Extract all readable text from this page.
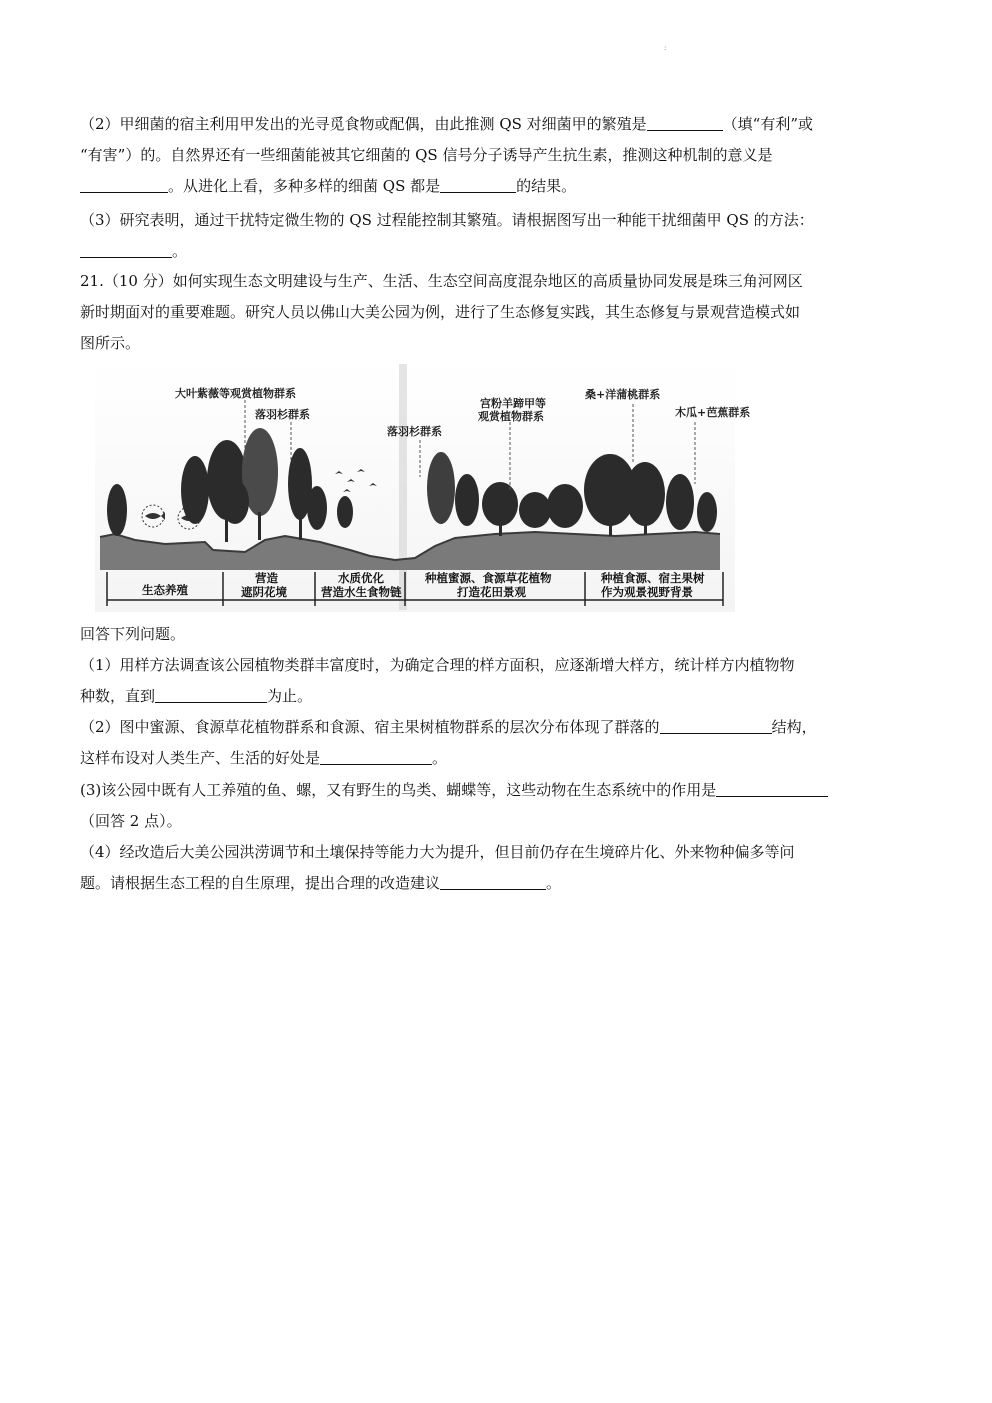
:
（2）甲细菌的宿主利用甲发出的光寻觅食物或配偶，由此推测 QS 对细菌甲的繁殖是	（填“有利”或
“有害”）的。自然界还有一些细菌能被其它细菌的 QS 信号分子诱导产生抗生素，推测这种机制的意义是
。从进化上看，多种多样的细菌 QS 都是	的结果。
（3）研究表明，通过干扰特定微生物的 QS 过程能控制其繁殖。请根据图写出一种能干扰细菌甲 QS 的方法：
。
21.（10 分）如何实现生态文明建设与生产、生活、生态空间高度混杂地区的高质量协同发展是珠三角河网区
新时期面对的重要难题。研究人员以佛山大美公园为例，进行了生态修复实践，其生态修复与景观营造模式如
图所示。
大叶紫薇等观赏植物群系
落羽杉群系
落羽杉群系
宫粉羊蹄甲等
观赏植物群系
桑+洋蒲桃群系
木瓜+芭蕉群系
生态养殖
营造
遮阴花境
水质优化
营造水生食物链
种植蜜源、食源草花植物
打造花田景观
种植食源、宿主果树
作为观景视野背景
回答下列问题。
（1）用样方法调查该公园植物类群丰富度时，为确定合理的样方面积，应逐渐增大样方，统计样方内植物物
种数，直到	为止。
（2）图中蜜源、食源草花植物群系和食源、宿主果树植物群系的层次分布体现了群落的	结构，
这样布设对人类生产、生活的好处是	。
(3)该公园中既有人工养殖的鱼、螺，又有野生的鸟类、蝴蝶等，这些动物在生态系统中的作用是
（回答 2 点）。
（4）经改造后大美公园洪涝调节和土壤保持等能力大为提升，但目前仍存在生境碎片化、外来物种偏多等问
题。请根据生态工程的自生原理，提出合理的改造建议	。
